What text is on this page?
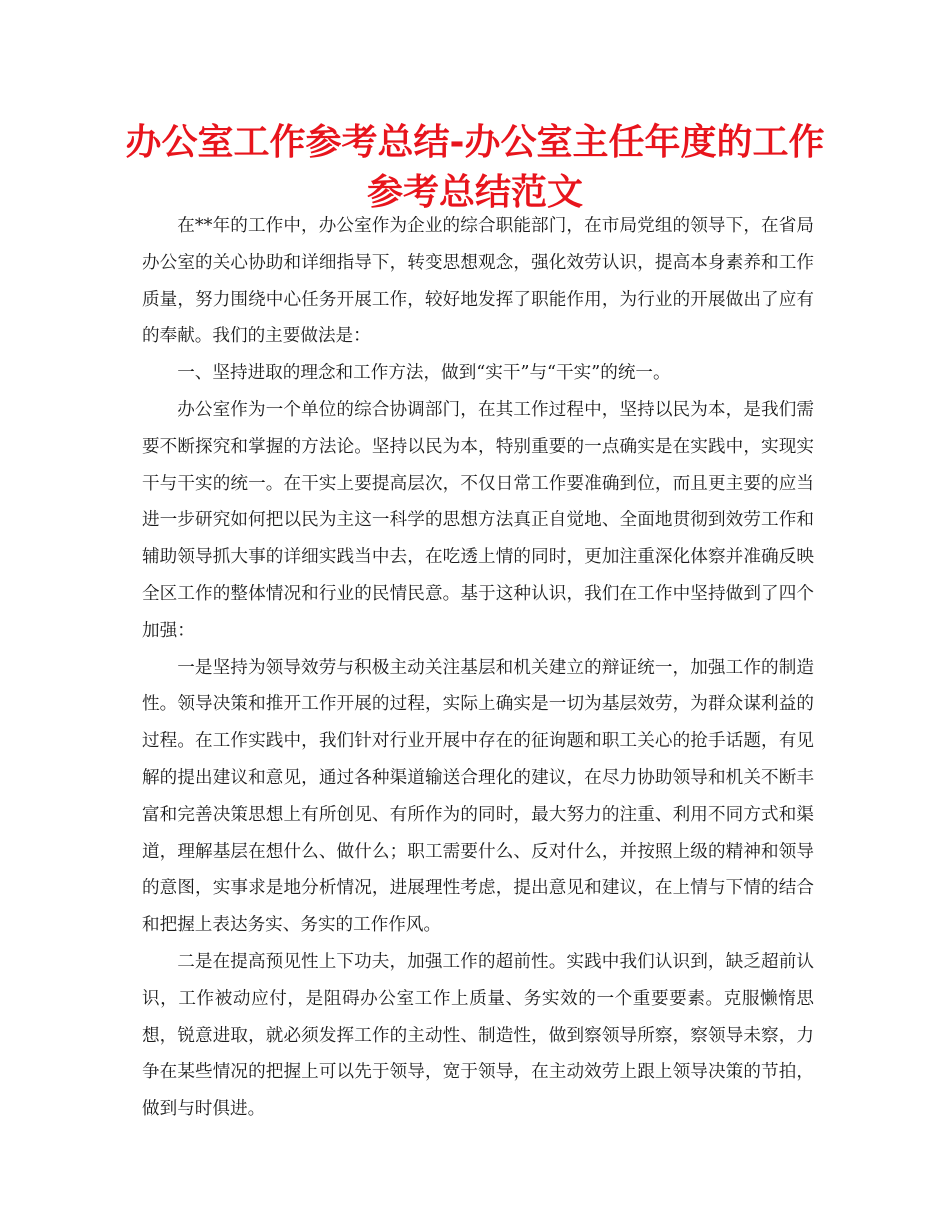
办公室工作参考总结-办公室主任年度的工作参考总结范文

在**年的工作中，办公室作为企业的综合职能部门，在市局党组的领导下，在省局办公室的关心协助和详细指导下，转变思想观念，强化效劳认识，提高本身素养和工作质量，努力围绕中心任务开展工作，较好地发挥了职能作用，为行业的开展做出了应有的奉献。我们的主要做法是：

一、坚持进取的理念和工作方法，做到“实干”与“干实”的统一。

办公室作为一个单位的综合协调部门，在其工作过程中，坚持以民为本，是我们需要不断探究和掌握的方法论。坚持以民为本，特别重要的一点确实是在实践中，实现实干与干实的统一。在干实上要提高层次，不仅日常工作要准确到位，而且更主要的应当进一步研究如何把以民为主这一科学的思想方法真正自觉地、全面地贯彻到效劳工作和辅助领导抓大事的详细实践当中去，在吃透上情的同时，更加注重深化体察并准确反映全区工作的整体情况和行业的民情民意。基于这种认识，我们在工作中坚持做到了四个加强：

一是坚持为领导效劳与积极主动关注基层和机关建立的辩证统一，加强工作的制造性。领导决策和推开工作开展的过程，实际上确实是一切为基层效劳，为群众谋利益的过程。在工作实践中，我们针对行业开展中存在的征询题和职工关心的抢手话题，有见解的提出建议和意见，通过各种渠道输送合理化的建议，在尽力协助领导和机关不断丰富和完善决策思想上有所创见、有所作为的同时，最大努力的注重、利用不同方式和渠道，理解基层在想什么、做什么；职工需要什么、反对什么，并按照上级的精神和领导的意图，实事求是地分析情况，进展理性考虑，提出意见和建议，在上情与下情的结合和把握上表达务实、务实的工作作风。

二是在提高预见性上下功夫，加强工作的超前性。实践中我们认识到，缺乏超前认识，工作被动应付，是阻碍办公室工作上质量、务实效的一个重要要素。克服懒惰思想，锐意进取，就必须发挥工作的主动性、制造性，做到察领导所察，察领导未察，力争在某些情况的把握上可以先于领导，宽于领导，在主动效劳上跟上领导决策的节拍，做到与时俱进。
